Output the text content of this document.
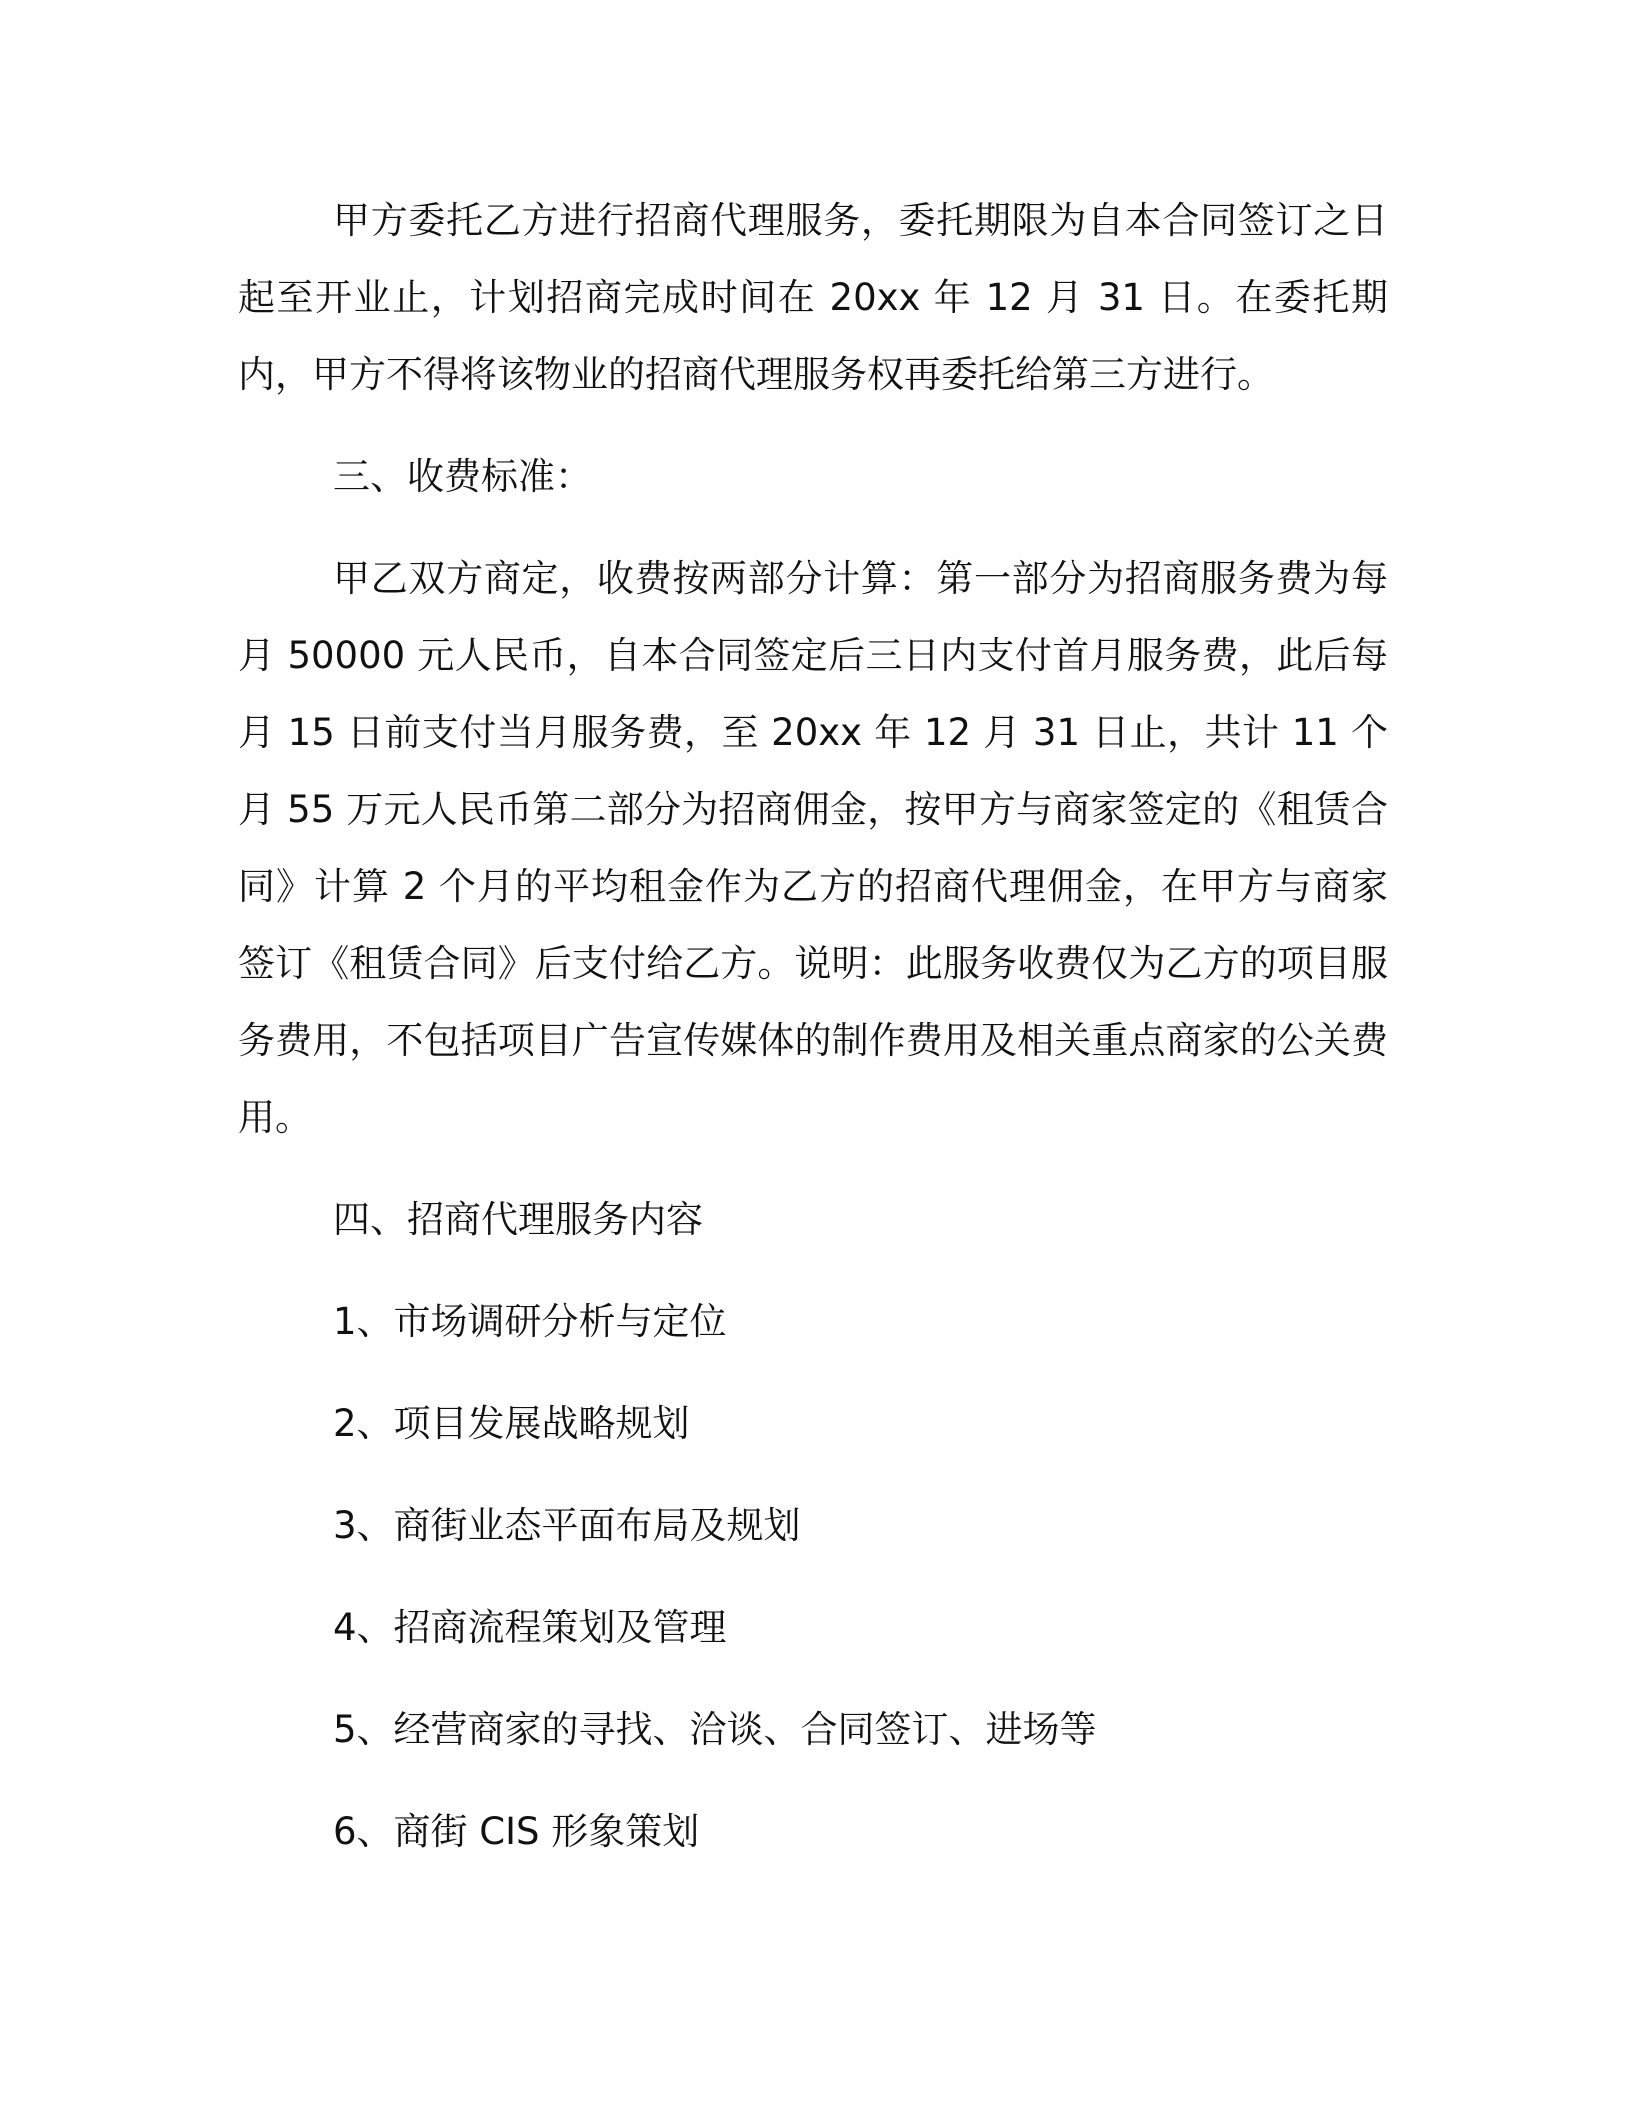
甲方委托乙方进行招商代理服务，委托期限为自本合同签订之日起至开业止，计划招商完成时间在 20xx 年 12 月 31 日。在委托期内，甲方不得将该物业的招商代理服务权再委托给第三方进行。

三、收费标准：

甲乙双方商定，收费按两部分计算：第一部分为招商服务费为每月 50000 元人民币，自本合同签定后三日内支付首月服务费，此后每月 15 日前支付当月服务费，至 20xx 年 12 月 31 日止，共计 11 个月 55 万元人民币第二部分为招商佣金，按甲方与商家签定的《租赁合同》计算 2 个月的平均租金作为乙方的招商代理佣金，在甲方与商家签订《租赁合同》后支付给乙方。说明：此服务收费仅为乙方的项目服务费用，不包括项目广告宣传媒体的制作费用及相关重点商家的公关费用。

四、招商代理服务内容

1、市场调研分析与定位

2、项目发展战略规划

3、商街业态平面布局及规划

4、招商流程策划及管理

5、经营商家的寻找、洽谈、合同签订、进场等

6、商街 CIS 形象策划
